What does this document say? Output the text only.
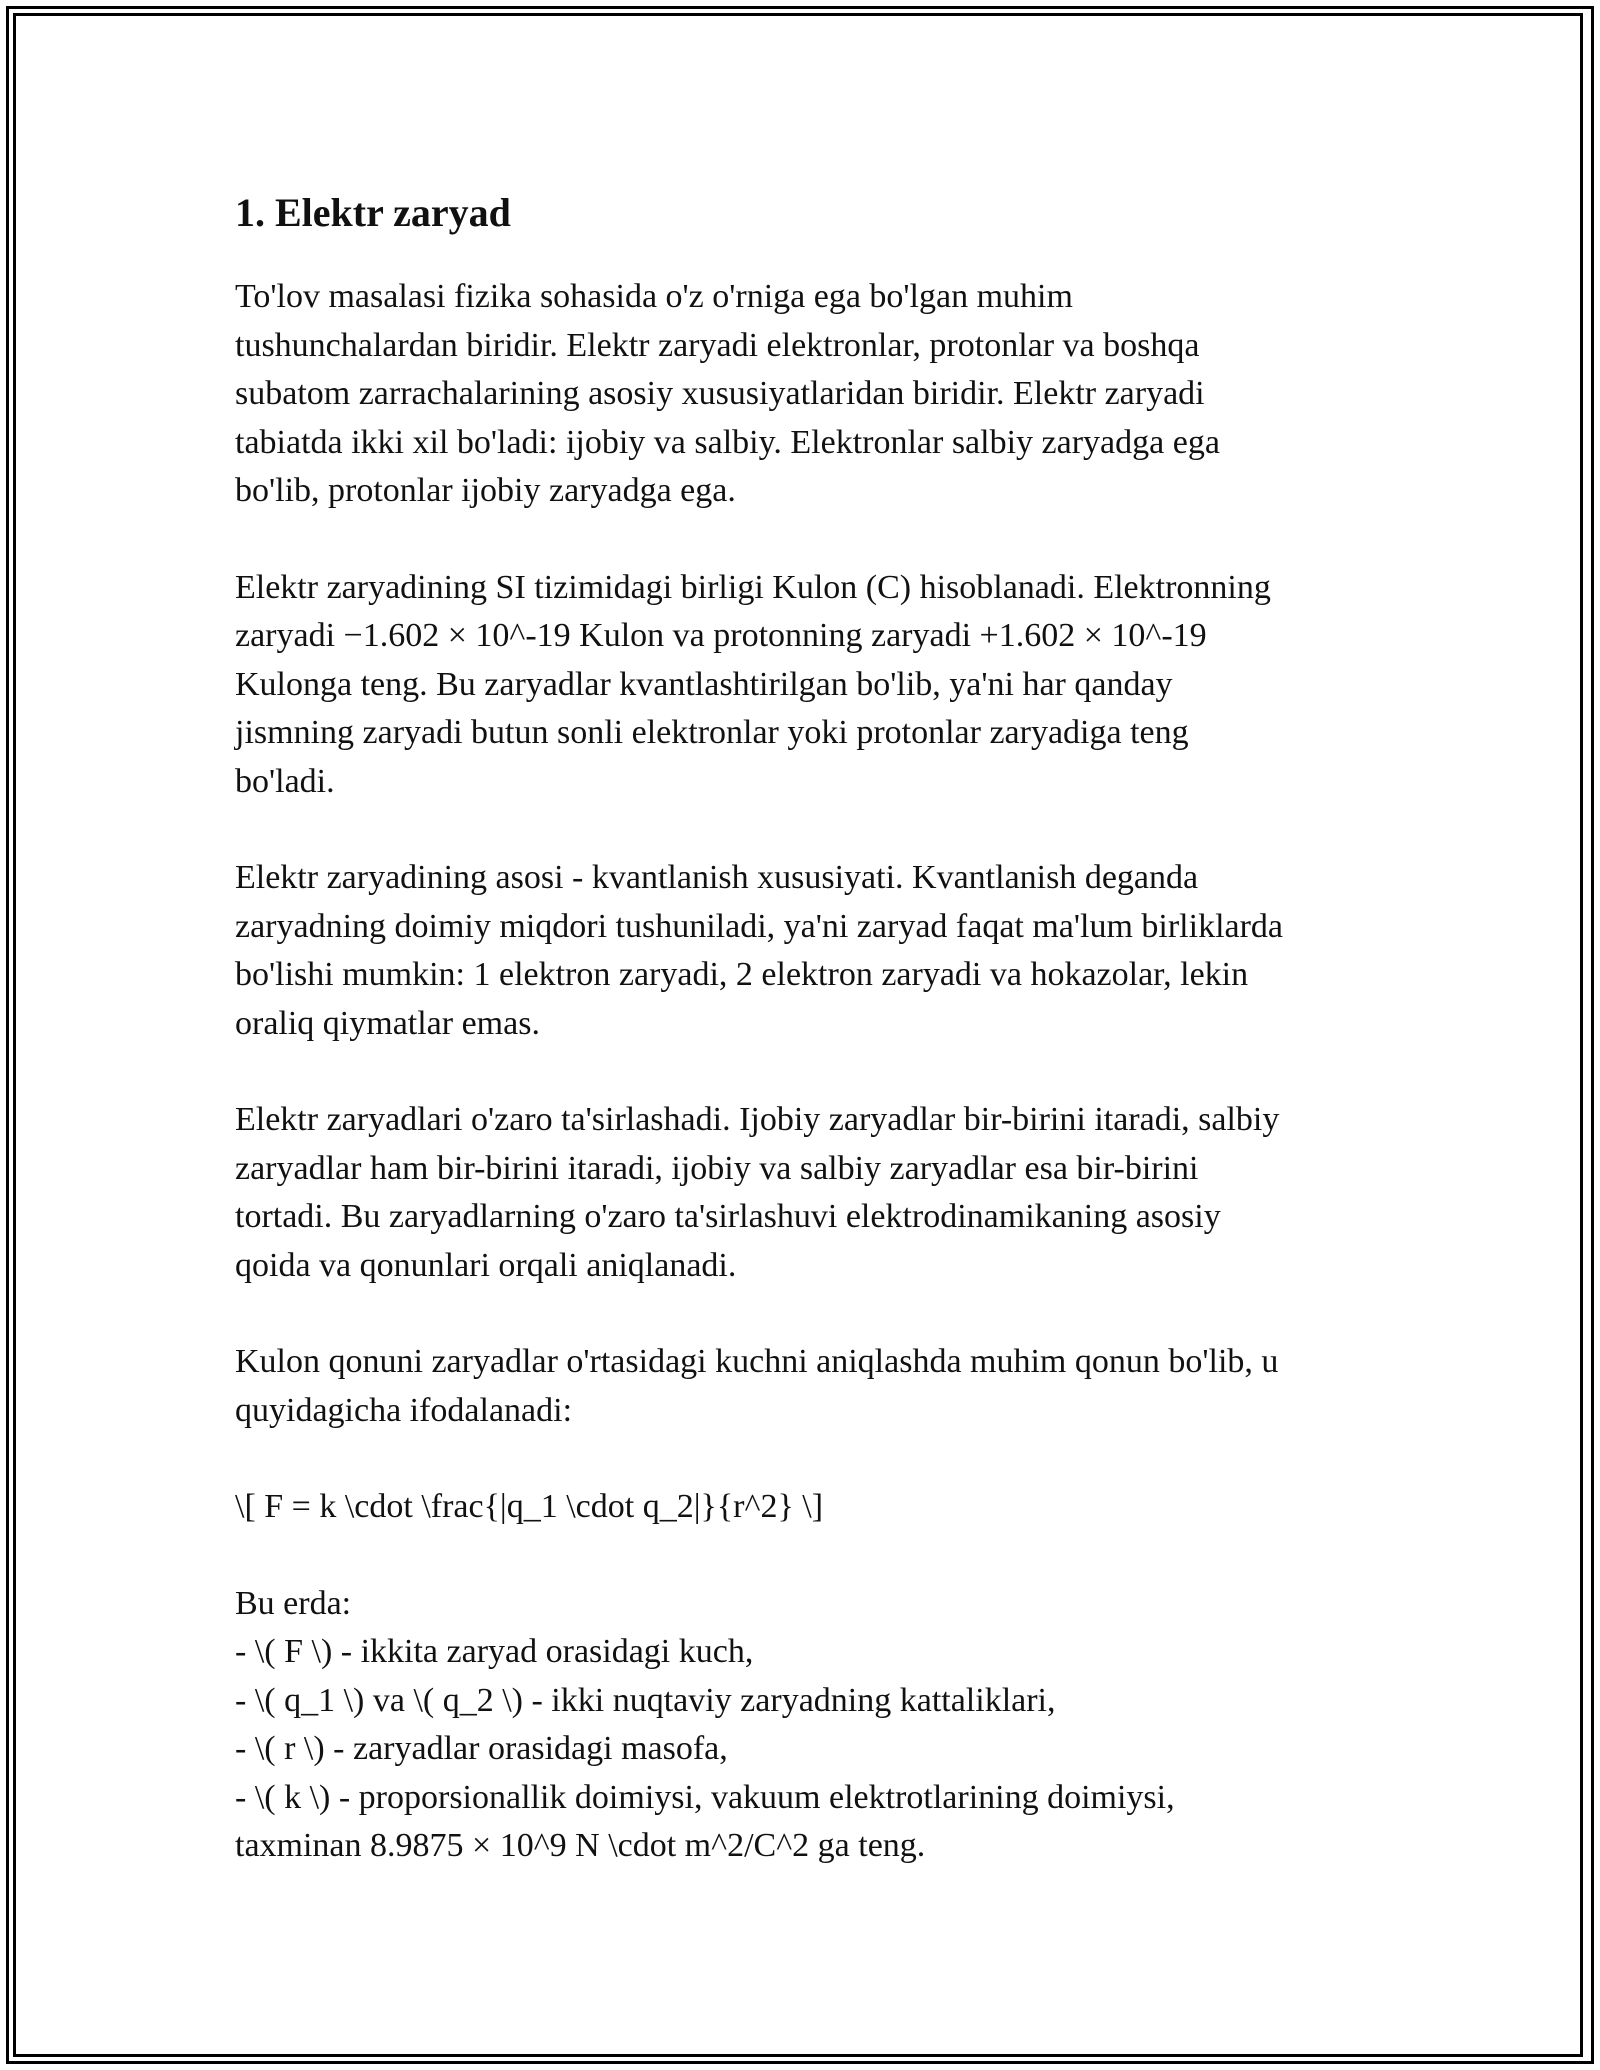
1. Elektr zaryad

To'lov masalasi fizika sohasida o'z o'rniga ega bo'lgan muhim
tushunchalardan biridir. Elektr zaryadi elektronlar, protonlar va boshqa
subatom zarrachalarining asosiy xususiyatlaridan biridir. Elektr zaryadi
tabiatda ikki xil bo'ladi: ijobiy va salbiy. Elektronlar salbiy zaryadga ega
bo'lib, protonlar ijobiy zaryadga ega.

Elektr zaryadining SI tizimidagi birligi Kulon (C) hisoblanadi. Elektronning
zaryadi −1.602 × 10^-19 Kulon va protonning zaryadi +1.602 × 10^-19
Kulonga teng. Bu zaryadlar kvantlashtirilgan bo'lib, ya'ni har qanday
jismning zaryadi butun sonli elektronlar yoki protonlar zaryadiga teng
bo'ladi.

Elektr zaryadining asosi - kvantlanish xususiyati. Kvantlanish deganda
zaryadning doimiy miqdori tushuniladi, ya'ni zaryad faqat ma'lum birliklarda
bo'lishi mumkin: 1 elektron zaryadi, 2 elektron zaryadi va hokazolar, lekin
oraliq qiymatlar emas.

Elektr zaryadlari o'zaro ta'sirlashadi. Ijobiy zaryadlar bir-birini itaradi, salbiy
zaryadlar ham bir-birini itaradi, ijobiy va salbiy zaryadlar esa bir-birini
tortadi. Bu zaryadlarning o'zaro ta'sirlashuvi elektrodinamikaning asosiy
qoida va qonunlari orqali aniqlanadi.

Kulon qonuni zaryadlar o'rtasidagi kuchni aniqlashda muhim qonun bo'lib, u
quyidagicha ifodalanadi:

\[ F = k \cdot \frac{|q_1 \cdot q_2|}{r^2} \]

Bu erda:
- \( F \) - ikkita zaryad orasidagi kuch,
- \( q_1 \) va \( q_2 \) - ikki nuqtaviy zaryadning kattaliklari,
- \( r \) - zaryadlar orasidagi masofa,
- \( k \) - proporsionallik doimiysi, vakuum elektrotlarining doimiysi,
taxminan 8.9875 × 10^9 N \cdot m^2/C^2 ga teng.
